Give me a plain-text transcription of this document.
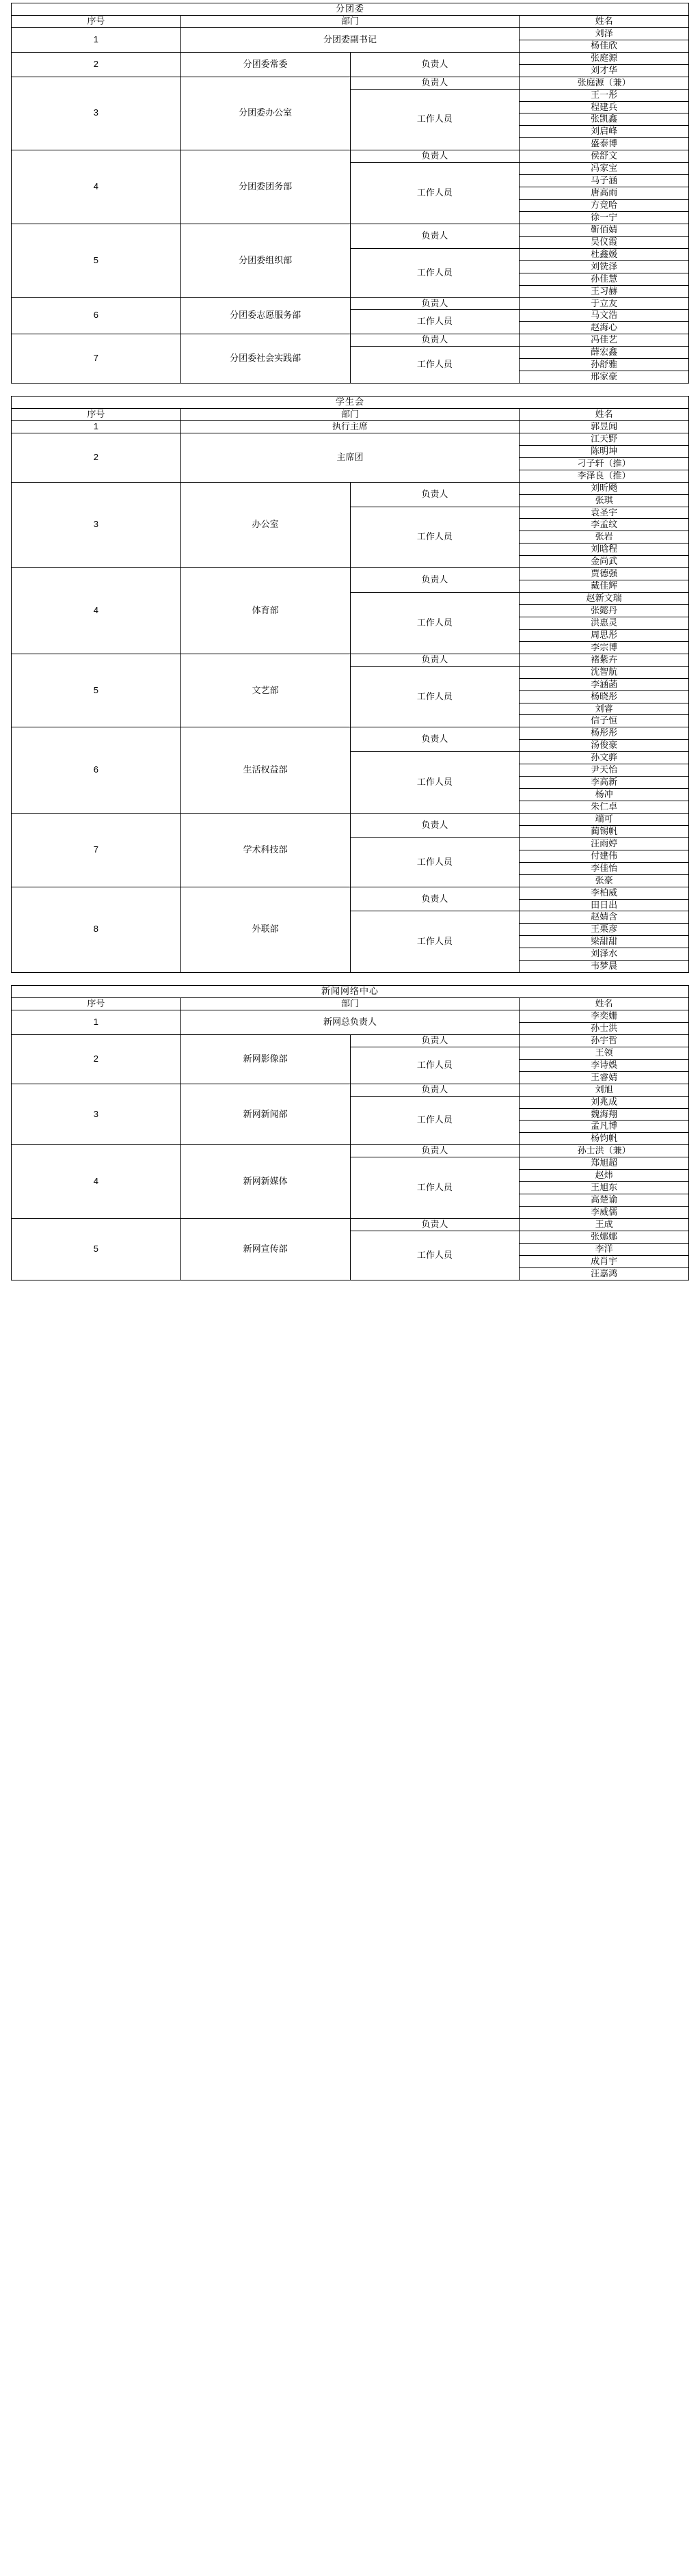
分团委			
序号	部门		姓名
1	分团委副书记		刘泽
			杨佳欣
2	分团委常委	负责人	张庭源
			刘才华
3	分团委办公室	负责人	张庭源（兼）
		工作人员	王一彤
			程建兵
			张凯鑫
			刘启峰
			盛泰博
4	分团委团务部	负责人	侯舒文
		工作人员	冯家宝
			马子涵
			唐高雨
			方竞哈
			徐一宁
5	分团委组织部	负责人	靳佰婧
			吴仪霞
		工作人员	杜鑫媛
			刘铣泽
			孙佳慧
			王习赫
6	分团委志愿服务部	负责人	于立友
		工作人员	马文浩
			赵海心
7	分团委社会实践部	负责人	冯佳艺
		工作人员	薛宏鑫
			孙舒雅
			邢家豪
学生会			
序号	部门		姓名
1	执行主席		郭昱闻
2	主席团		江天野
			陈明坤
			刁子轩（推）
			李泽良（推）
3	办公室	负责人	刘昕飏
			张琪
		工作人员	袁圣宇
			李孟纹
			张岩
			刘晗程
			金尚武
4	体育部	负责人	贾德强
			戴佳辉
		工作人员	赵新文瑞
			张懿丹
			洪惠灵
			周思彤
			李宗博
5	文艺部	负责人	褚紫卉
		工作人员	沈智航
			李涵菡
			杨晓彤
			刘睿
			信子恒
6	生活权益部	负责人	杨彤彤
			汤俊豪
		工作人员	孙文骅
			尹天怡
			李高新
			杨冲
			朱仁卓
7	学术科技部	负责人	端可
			蔺锡帆
		工作人员	汪雨婷
			付建伟
			李佳怡
			张豪
8	外联部	负责人	李柏威
			田日出
		工作人员	赵婧含
			王栗彦
			梁甜甜
			刘泽水
			韦梦晨
新闻网络中心			
序号	部门		姓名
1	新网总负责人		李奕姗
			孙士洪
2	新网影像部	负责人	孙宇哲
		工作人员	王领
			李诗娛
			王睿婧
3	新网新闻部	负责人	刘旭
		工作人员	刘兆成
			魏海翔
			孟凡博
			杨钧帆
4	新网新媒体	负责人	孙士洪（兼）
		工作人员	郑旭超
			赵炜
			王旭东
			高楚谕
			李威儒
5	新网宣传部	负责人	王成
		工作人员	张娜娜
			李洋
			成肖宇
			汪嘉鸿
